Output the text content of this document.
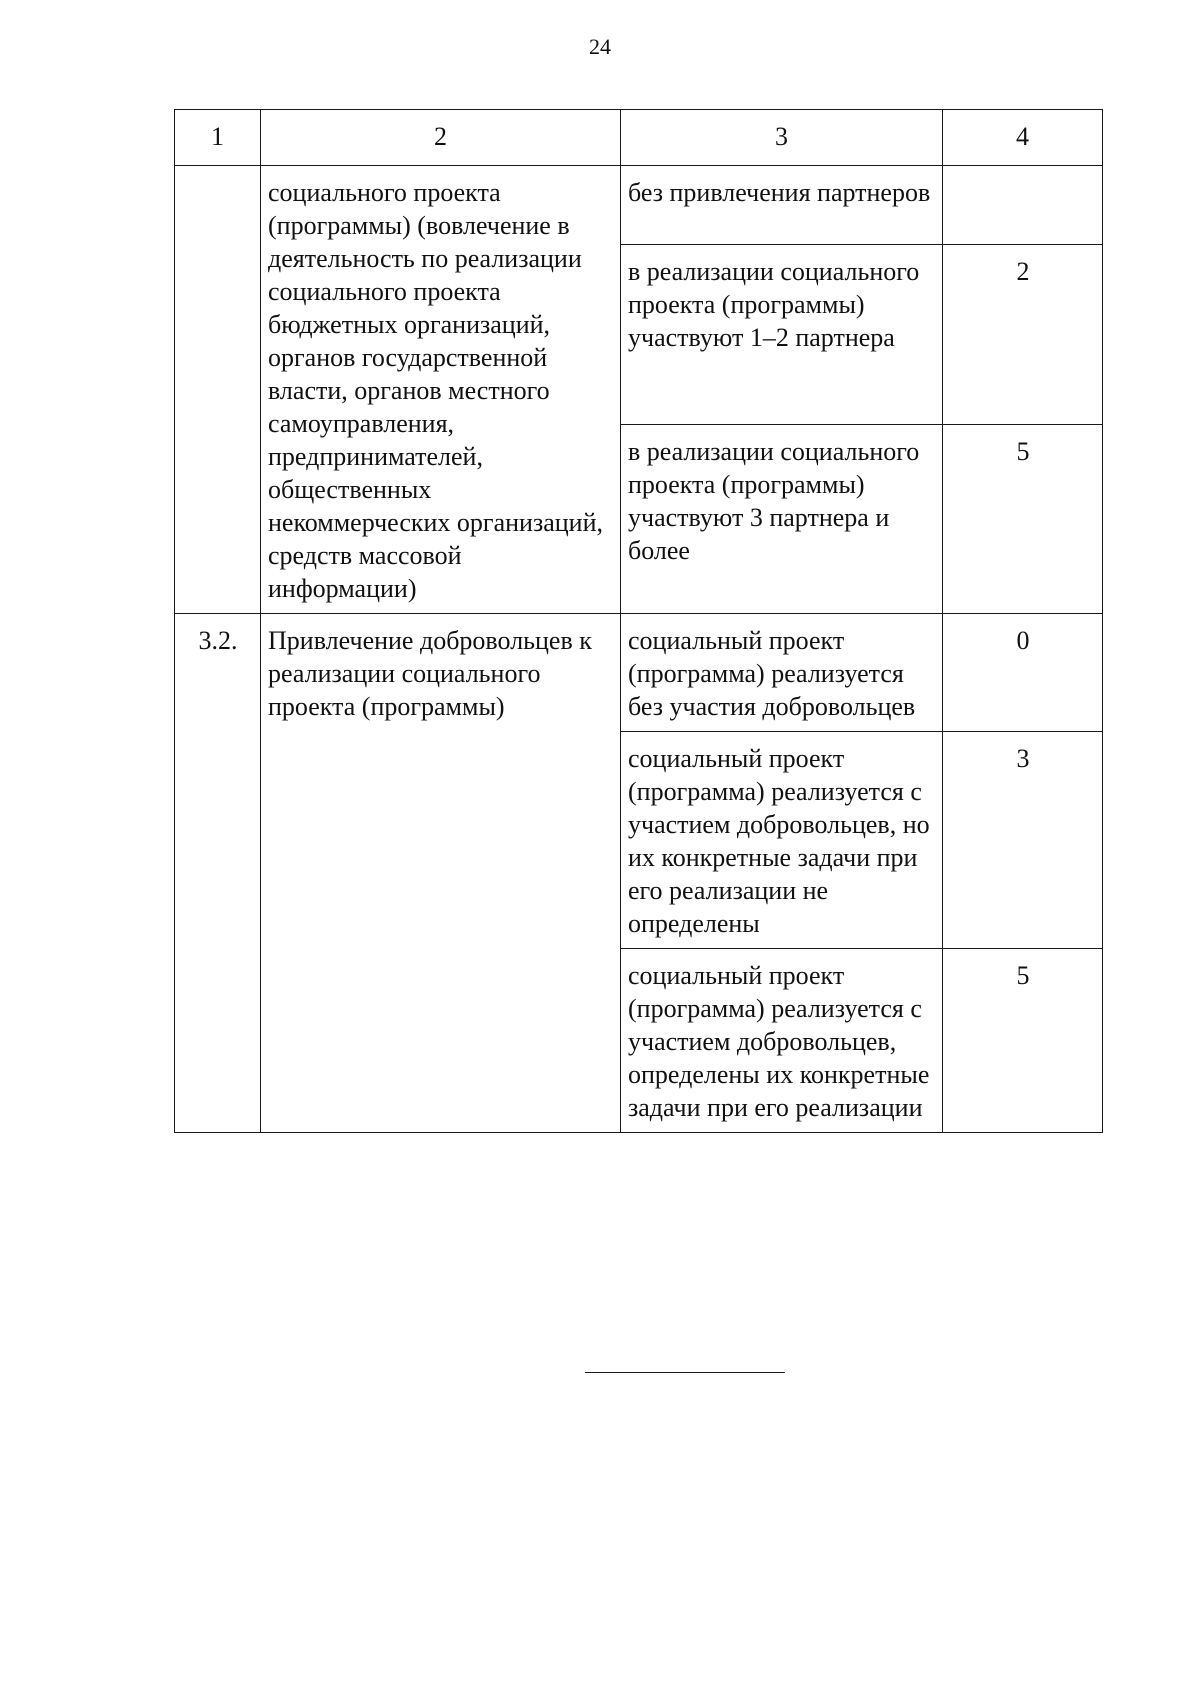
24
1	2	3	4
	социального проекта (программы) (вовлечение в деятельность по реализации социального проекта бюджетных организаций, органов государственной власти, органов местного самоуправления, предпринимателей, общественных некоммерческих организаций, средств массовой информации)	без привлечения партнеров	
		в реализации социального проекта (программы) участвуют 1–2 партнера	2
		в реализации социального проекта (программы) участвуют 3 партнера и более	5
3.2.	Привлечение добровольцев к реализации социального проекта (программы)	социальный проект (программа) реализуется без участия добровольцев	0
		социальный проект (программа) реализуется с участием добровольцев, но их конкретные задачи при его реализации не определены	3
		социальный проект (программа) реализуется с участием добровольцев, определены их конкретные задачи при его реализации	5
